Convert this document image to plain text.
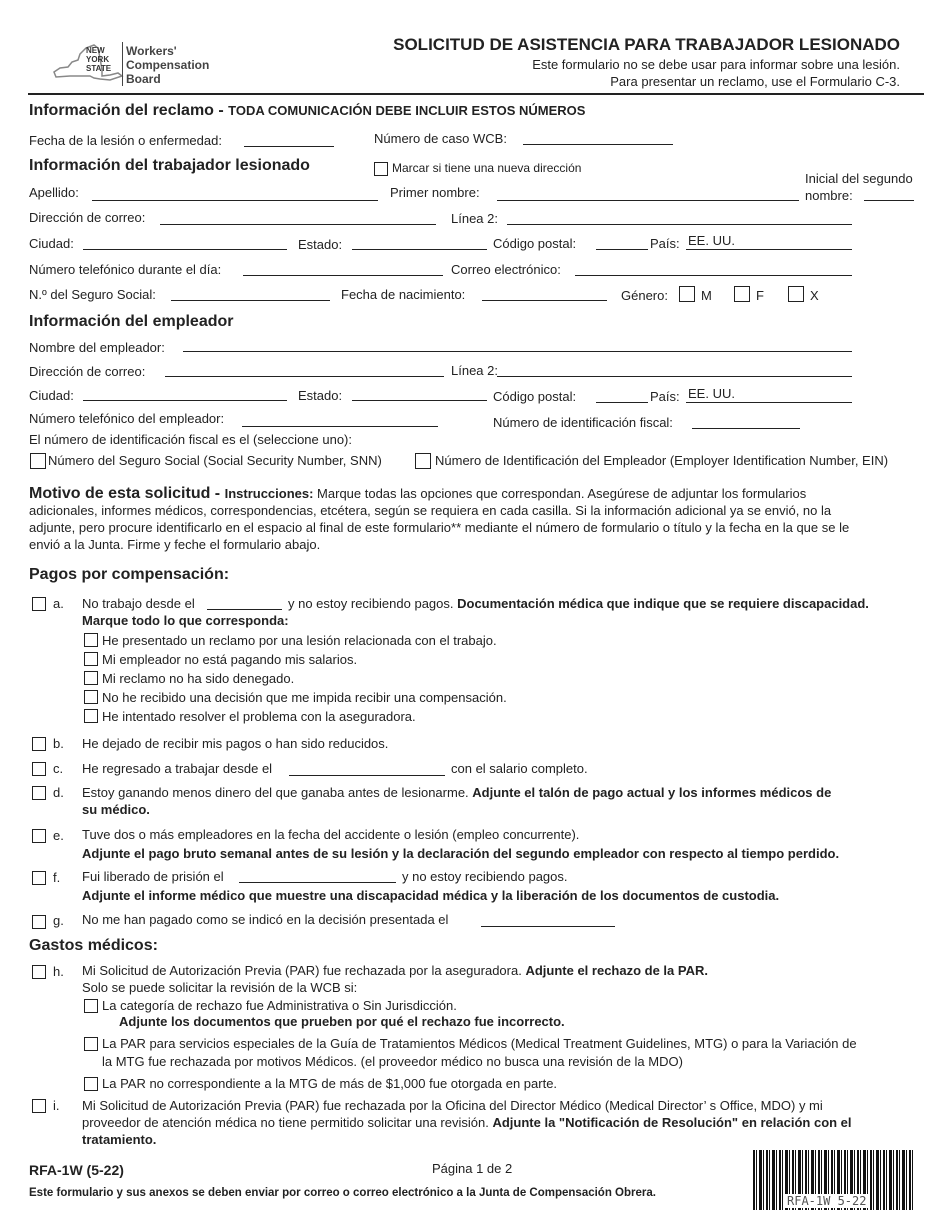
NEW YORK STATE
Workers'
Compensation
Board
SOLICITUD DE ASISTENCIA PARA TRABAJADOR LESIONADO
Este formulario no se debe usar para informar sobre una lesión.
Para presentar un reclamo, use el Formulario C-3.
Información del reclamo - TODA COMUNICACIÓN DEBE INCLUIR ESTOS NÚMEROS
Fecha de la lesión o enfermedad:	Número de caso WCB:
Información del trabajador lesionado	Marcar si tiene una nueva dirección
Inicial del segundo
nombre:
Apellido:	Primer nombre:
Dirección de correo:	Línea 2:
Ciudad:	Estado:	Código postal:	País: EE. UU.
Número telefónico durante el día:	Correo electrónico:
N.º del Seguro Social:	Fecha de nacimiento:	Género:	M	F	X
Información del empleador
Nombre del empleador:
Dirección de correo:	Línea 2:
Ciudad:	Estado:	Código postal:	País: EE. UU.
Número telefónico del empleador:	Número de identificación fiscal:
El número de identificación fiscal es el (seleccione uno):
Número del Seguro Social (Social Security Number, SNN)	Número de Identificación del Empleador (Employer Identification Number, EIN)
Motivo de esta solicitud - Instrucciones: Marque todas las opciones que correspondan. Asegúrese de adjuntar los formularios
adicionales, informes médicos, correspondencias, etcétera, según se requiera en cada casilla. Si la información adicional ya se envió, no la
adjunte, pero procure identificarlo en el espacio al final de este formulario** mediante el número de formulario o título y la fecha en la que se le
envió a la Junta. Firme y feche el formulario abajo.
Pagos por compensación:
a. No trabajo desde el	y no estoy recibiendo pagos. Documentación médica que indique que se requiere discapacidad.
Marque todo lo que corresponda:
He presentado un reclamo por una lesión relacionada con el trabajo.
Mi empleador no está pagando mis salarios.
Mi reclamo no ha sido denegado.
No he recibido una decisión que me impida recibir una compensación.
He intentado resolver el problema con la aseguradora.
b. He dejado de recibir mis pagos o han sido reducidos.
c. He regresado a trabajar desde el	con el salario completo.
d. Estoy ganando menos dinero del que ganaba antes de lesionarme. Adjunte el talón de pago actual y los informes médicos de
su médico.
e. Tuve dos o más empleadores en la fecha del accidente o lesión (empleo concurrente).
Adjunte el pago bruto semanal antes de su lesión y la declaración del segundo empleador con respecto al tiempo perdido.
f. Fui liberado de prisión el	y no estoy recibiendo pagos.
Adjunte el informe médico que muestre una discapacidad médica y la liberación de los documentos de custodia.
g. No me han pagado como se indicó en la decisión presentada el
Gastos médicos:
h. Mi Solicitud de Autorización Previa (PAR) fue rechazada por la aseguradora. Adjunte el rechazo de la PAR.
Solo se puede solicitar la revisión de la WCB si:
La categoría de rechazo fue Administrativa o Sin Jurisdicción.
Adjunte los documentos que prueben por qué el rechazo fue incorrecto.
La PAR para servicios especiales de la Guía de Tratamientos Médicos (Medical Treatment Guidelines, MTG) o para la Variación de
la MTG fue rechazada por motivos Médicos. (el proveedor médico no busca una revisión de la MDO)
La PAR no correspondiente a la MTG de más de $1,000 fue otorgada en parte.
i. Mi Solicitud de Autorización Previa (PAR) fue rechazada por la Oficina del Director Médico (Medical Director’ s Office, MDO) y mi
proveedor de atención médica no tiene permitido solicitar una revisión. Adjunte la "Notificación de Resolución" en relación con el
tratamiento.
RFA-1W (5-22)	Página 1 de 2
Este formulario y sus anexos se deben enviar por correo o correo electrónico a la Junta de Compensación Obrera.
RFA-1W 5-22
